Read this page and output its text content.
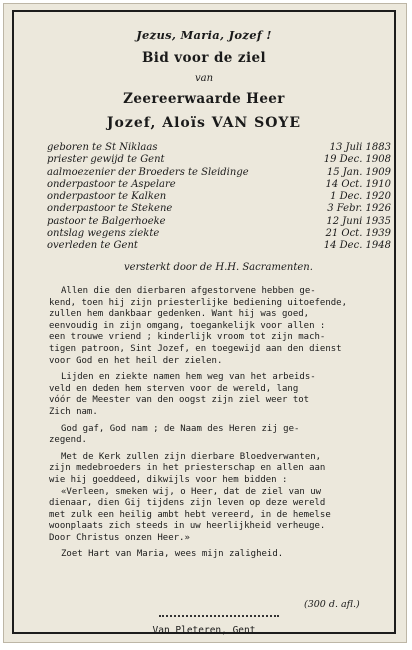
Jezus, Maria, Jozef !
Bid voor de ziel
van
Zeereerwaarde Heer
Jozef, Aloïs VAN SOYE
geboren te St Niklaas	13 Juli 1883
priester gewijd te Gent	19 Dec. 1908
aalmoezenier der Broeders te Sleidinge	15 Jan. 1909
onderpastoor te Aspelare	14 Oct. 1910
onderpastoor te Kalken	1 Dec. 1920
onderpastoor te Stekene	3 Febr. 1926
pastoor te Balgerhoeke	12 Juni 1935
ontslag wegens ziekte	21 Oct. 1939
overleden te Gent	14 Dec. 1948
versterkt door de H.H. Sacramenten.
Allen die den dierbaren afgestorvene hebben ge-
kend, toen hij zijn priesterlijke bediening uitoefende,
zullen hem dankbaar gedenken. Want hij was goed,
eenvoudig in zijn omgang, toegankelijk voor allen :
een trouwe vriend ; kinderlijk vroom tot zijn mach-
tigen patroon, Sint Jozef, en toegewijd aan den dienst
voor God en het heil der zielen.
Lijden en ziekte namen hem weg van het arbeids-
veld en deden hem sterven voor de wereld, lang
vóór de Meester van den oogst zijn ziel weer tot
Zich nam.
God gaf, God nam ; de Naam des Heren zij ge-
zegend.
Met de Kerk zullen zijn dierbare Bloedverwanten,
zijn medebroeders in het priesterschap en allen aan
wie hij goeddeed, dikwijls voor hem bidden :
«Verleen, smeken wij, o Heer, dat de ziel van uw
dienaar, dien Gij tijdens zijn leven op deze wereld
met zulk een heilig ambt hebt vereerd, in de hemelse
woonplaats zich steeds in uw heerlijkheid verheuge.
Door Christus onzen Heer.»
Zoet Hart van Maria, wees mijn zaligheid.
(300 d. afl.)
Van Pleteren, Gent
